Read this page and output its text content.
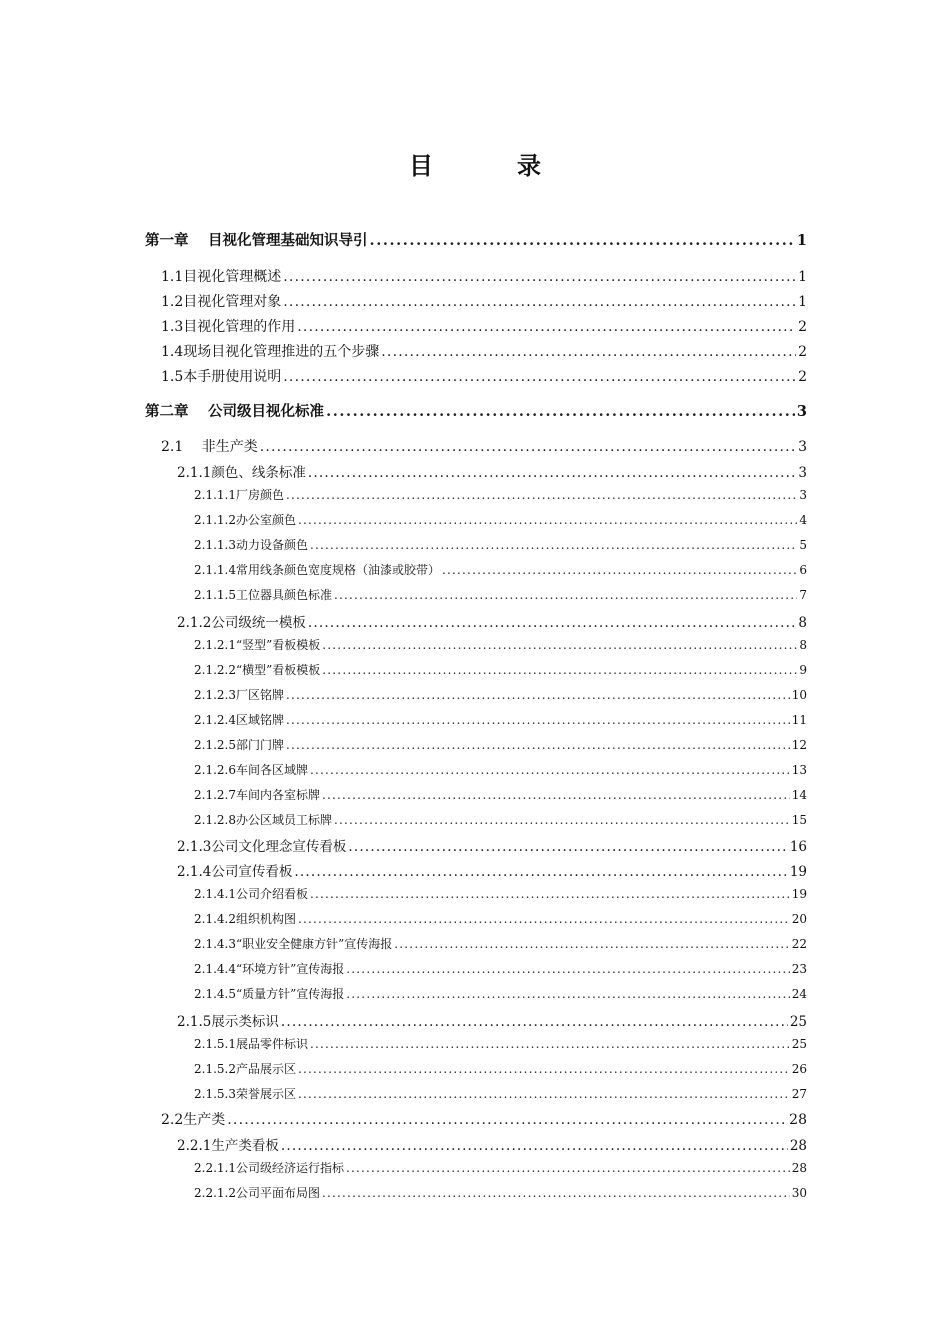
目　录
第一章　 目视化管理基础知识导引 .....	1
1.1目视化管理概述 .....	1
1.2目视化管理对象 .....	1
1.3目视化管理的作用 .....	2
1.4现场目视化管理推进的五个步骤 .....	2
1.5本手册使用说明 .....	2
第二章　 公司级目视化标准 .....	3
2.1　 非生产类 .....	3
2.1.1颜色、线条标准 .....	3
2.1.1.1厂房颜色 .....	3
2.1.1.2办公室颜色 .....	4
2.1.1.3动力设备颜色 .....	5
2.1.1.4常用线条颜色宽度规格（油漆或胶带） .....	6
2.1.1.5工位器具颜色标准 .....	7
2.1.2公司级统一模板 .....	8
2.1.2.1“竖型”看板模板 .....	8
2.1.2.2“横型”看板模板 .....	9
2.1.2.3厂区铭牌 .....	10
2.1.2.4区域铭牌 .....	11
2.1.2.5部门门牌 .....	12
2.1.2.6车间各区域牌 .....	13
2.1.2.7车间内各室标牌 .....	14
2.1.2.8办公区域员工标牌 .....	15
2.1.3公司文化理念宣传看板 .....	16
2.1.4公司宣传看板 .....	19
2.1.4.1公司介绍看板 .....	19
2.1.4.2组织机构图 .....	20
2.1.4.3“职业安全健康方针”宣传海报 .....	22
2.1.4.4“环境方针”宣传海报 .....	23
2.1.4.5“质量方针”宣传海报 .....	24
2.1.5展示类标识 .....	25
2.1.5.1展品零件标识 .....	25
2.1.5.2产品展示区 .....	26
2.1.5.3荣誉展示区 .....	27
2.2生产类 .....	28
2.2.1生产类看板 .....	28
2.2.1.1公司级经济运行指标 .....	28
2.2.1.2公司平面布局图 .....	30
